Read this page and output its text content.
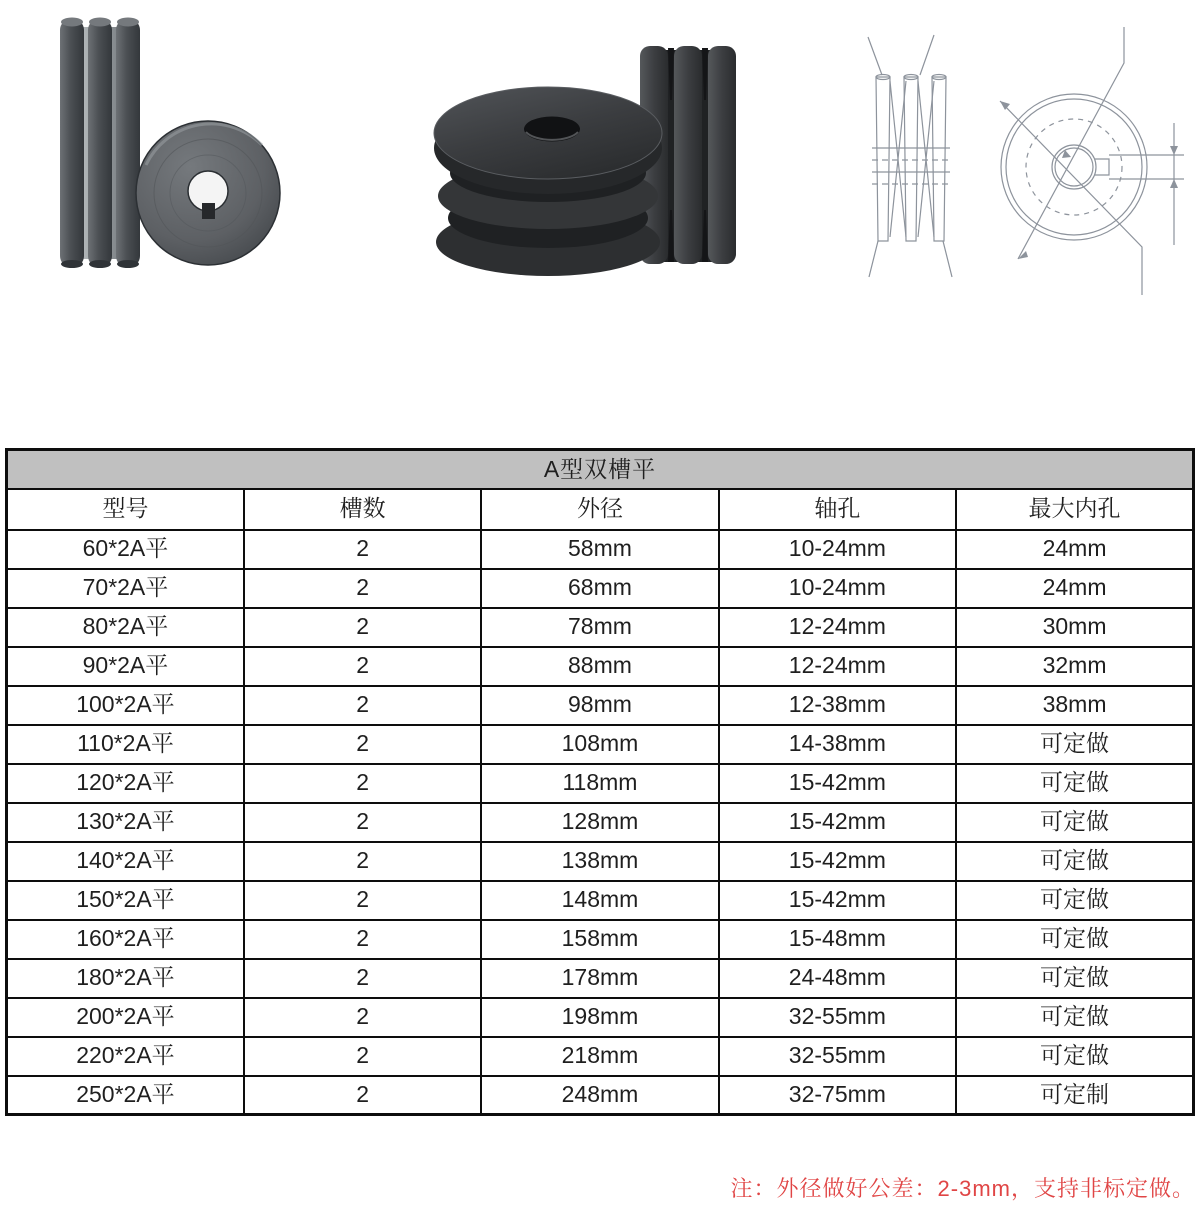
A型双槽平				
型号	槽数	外径	轴孔	最大内孔
60*2A平	2	58mm	10-24mm	24mm
70*2A平	2	68mm	10-24mm	24mm
80*2A平	2	78mm	12-24mm	30mm
90*2A平	2	88mm	12-24mm	32mm
100*2A平	2	98mm	12-38mm	38mm
110*2A平	2	108mm	14-38mm	可定做
120*2A平	2	118mm	15-42mm	可定做
130*2A平	2	128mm	15-42mm	可定做
140*2A平	2	138mm	15-42mm	可定做
150*2A平	2	148mm	15-42mm	可定做
160*2A平	2	158mm	15-48mm	可定做
180*2A平	2	178mm	24-48mm	可定做
200*2A平	2	198mm	32-55mm	可定做
220*2A平	2	218mm	32-55mm	可定做
250*2A平	2	248mm	32-75mm	可定制
注：外径做好公差：2-3mm，支持非标定做。
